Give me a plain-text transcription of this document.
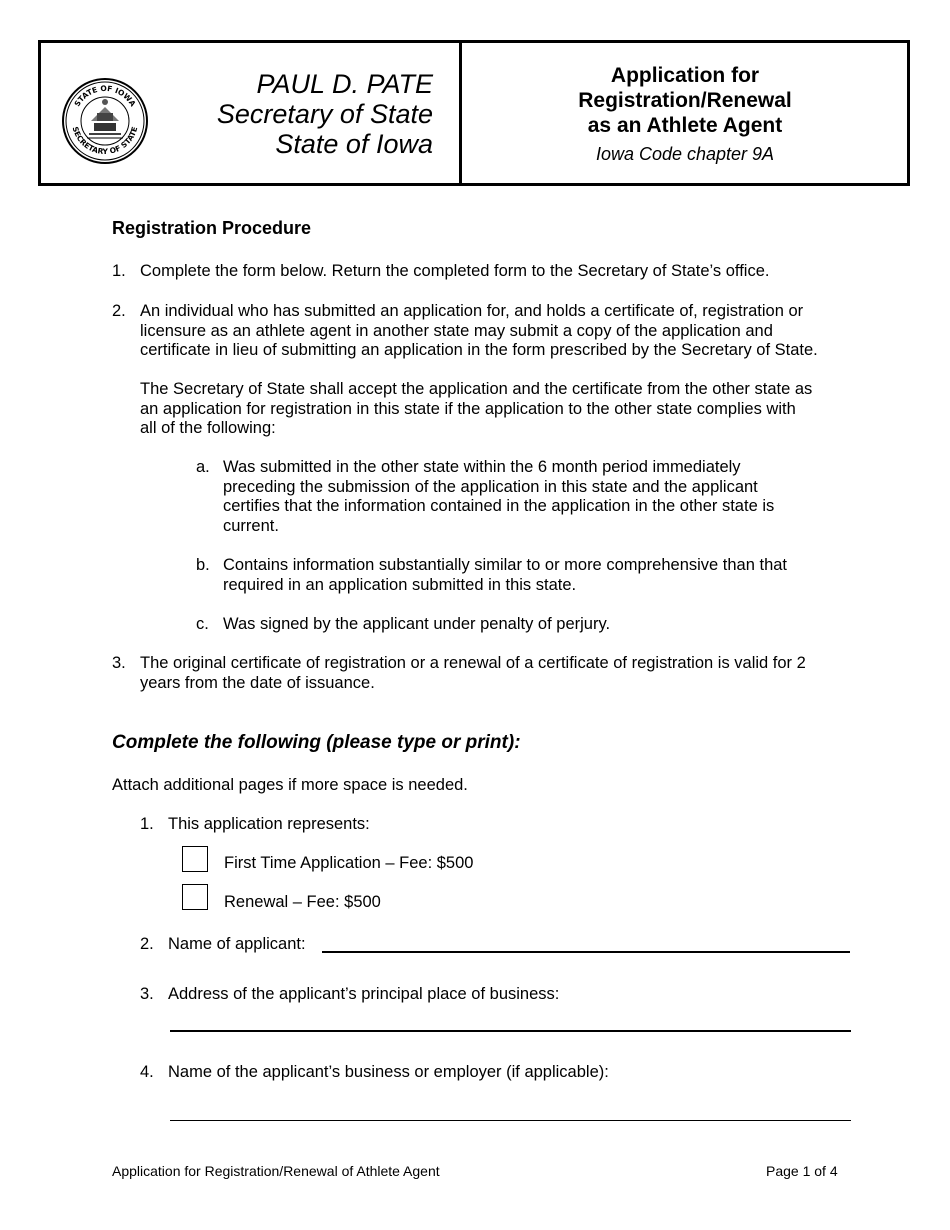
STATE OF IOWA
SECRETARY OF STATE
PAUL D. PATE
Secretary of State
State of Iowa
Application for
Registration/Renewal
as an Athlete Agent
Iowa Code chapter 9A
Registration Procedure
1. Complete the form below. Return the completed form to the Secretary of State’s office.
2. An individual who has submitted an application for, and holds a certificate of, registration or
licensure as an athlete agent in another state may submit a copy of the application and
certificate in lieu of submitting an application in the form prescribed by the Secretary of State.
The Secretary of State shall accept the application and the certificate from the other state as
an application for registration in this state if the application to the other state complies with
all of the following:
a. Was submitted in the other state within the 6 month period immediately
preceding the submission of the application in this state and the applicant
certifies that the information contained in the application in the other state is
current.
b. Contains information substantially similar to or more comprehensive than that
required in an application submitted in this state.
c. Was signed by the applicant under penalty of perjury.
3. The original certificate of registration or a renewal of a certificate of registration is valid for 2
years from the date of issuance.
Complete the following (please type or print):
Attach additional pages if more space is needed.
1. This application represents:
First Time Application – Fee: $500
Renewal – Fee: $500
2. Name of applicant:
3. Address of the applicant’s principal place of business:
4. Name of the applicant’s business or employer (if applicable):
Application for Registration/Renewal of Athlete Agent	Page 1 of 4
